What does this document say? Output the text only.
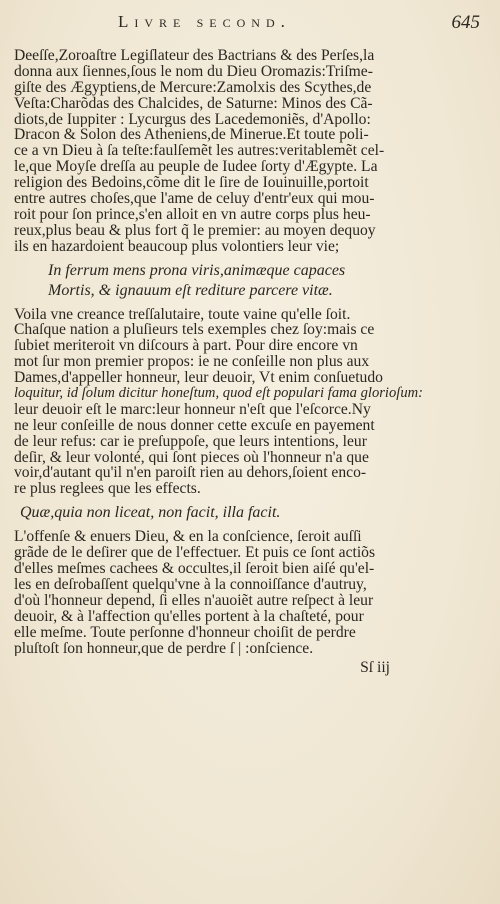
Livre second.	645
Deeſſe,Zoroaſtre Legiſlateur des Bactrians & des Perſes,la
donna aux ſiennes,ſous le nom du Dieu Oromazis:Triſme-
giſte des Ægyptiens,de Mercure:Zamolxis des Scythes,de
Veſta:Charõdas des Chalcides, de Saturne: Minos des Cã-
diots,de Iuppiter : Lycurgus des Lacedemoniẽs, d'Apollo:
Dracon & Solon des Atheniens,de Mineruе.Et toute poli-
ce a vn Dieu à ſa teſte:faulſemẽt les autres:veritablemẽt cel-
le,que Moyſe dreſſa au peuple de Iudee ſorty d'Ægypte. La
religion des Bedoins,cõme dit le ſire de Iouinuille,portoit
entre autres choſes,que l'ame de celuy d'entr'eux qui mou-
roit pour ſon prince,s'en alloit en vn autre corps plus heu-
reux,plus beau & plus fort q̃ le premier: au moyen dequoy
ils en hazardoient beaucoup plus volontiers leur vie;
In ferrum mens prona viris,animæque capaces
Mortis, & ignauum eſt rediture parcere vitæ.
Voila vne creance treſſalutaire, toute vaine qu'elle ſoit.
Chaſque nation a pluſieurs tels exemples chez ſoy:mais ce
ſubiet meriteroit vn diſcours à part. Pour dire encore vn
mot ſur mon premier propos: ie ne conſeille non plus aux
Dames,d'appeller honneur, leur deuoir, Vt enim conſuetudo
loquitur, id ſolum dicitur honeſtum, quod eſt populari fama glorioſum:
leur deuoir eſt le marc:leur honneur n'eſt que l'eſcorce.Ny
ne leur conſeille de nous donner cette excuſe en payement
de leur refus: car ie preſuppoſe, que leurs intentions, leur
deſir, & leur volonté, qui ſont pieces où l'honneur n'a que
voir,d'autant qu'il n'en paroiſt rien au dehors,ſoient enco-
re plus reglees que les effects.
Quæ,quia non liceat, non facit, illa facit.
L'offenſe & enuers Dieu, & en la conſcience, ſeroit auſſi
grãde de le deſirer que de l'effectuer. Et puis ce ſont actiõs
d'elles meſmes cachees & occultes,il ſeroit bien aiſé qu'el-
les en deſrobaſſent quelqu'vne à la connoiſſance d'autruy,
d'où l'honneur depend, ſi elles n'auoiẽt autre reſpect à leur
deuoir, & à l'affection qu'elles portent à la chaſteté, pour
elle meſme. Toute perſonne d'honneur choiſit de perdre
pluſtoſt ſon honneur,que de perdre ſ | :onſcience.
Sſ iij
